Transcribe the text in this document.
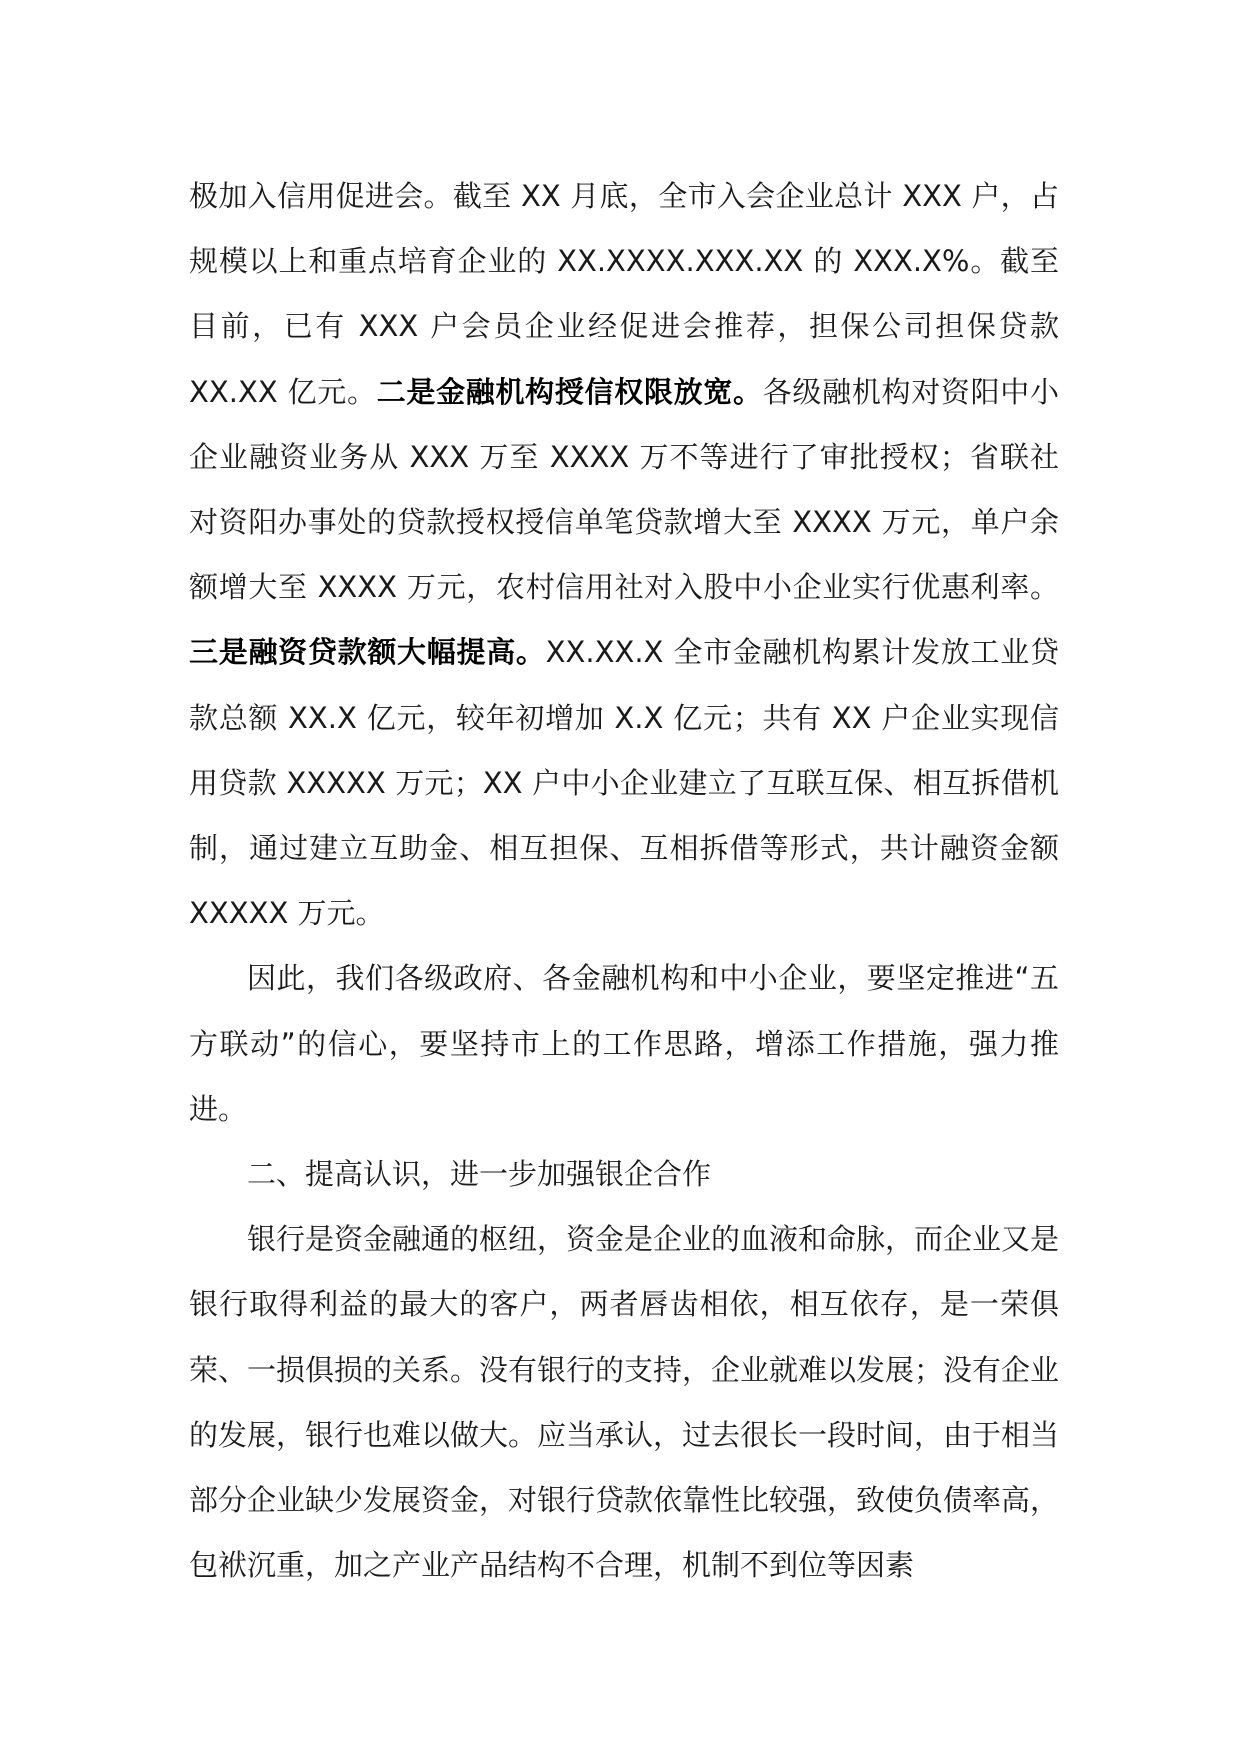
极加入信用促进会。截至 XX 月底，全市入会企业总计 XXX 户，占规模以上和重点培育企业的 XX.XXXX.XXX.XX 的 XXX.X%。截至目前，已有 XXX 户会员企业经促进会推荐，担保公司担保贷款 XX.XX 亿元。二是金融机构授信权限放宽。各级融机构对资阳中小企业融资业务从 XXX 万至 XXXX 万不等进行了审批授权；省联社对资阳办事处的贷款授权授信单笔贷款增大至 XXXX 万元，单户余额增大至 XXXX 万元，农村信用社对入股中小企业实行优惠利率。三是融资贷款额大幅提高。XX.XX.X 全市金融机构累计发放工业贷款总额 XX.X 亿元，较年初增加 X.X 亿元；共有 XX 户企业实现信用贷款 XXXXX 万元；XX 户中小企业建立了互联互保、相互拆借机制，通过建立互助金、相互担保、互相拆借等形式，共计融资金额 XXXXX 万元。

因此，我们各级政府、各金融机构和中小企业，要坚定推进“五方联动”的信心，要坚持市上的工作思路，增添工作措施，强力推进。

二、提高认识，进一步加强银企合作

银行是资金融通的枢纽，资金是企业的血液和命脉，而企业又是银行取得利益的最大的客户，两者唇齿相依，相互依存，是一荣俱荣、一损俱损的关系。没有银行的支持，企业就难以发展；没有企业的发展，银行也难以做大。应当承认，过去很长一段时间，由于相当部分企业缺少发展资金，对银行贷款依靠性比较强，致使负债率高，包袱沉重，加之产业产品结构不合理，机制不到位等因素
